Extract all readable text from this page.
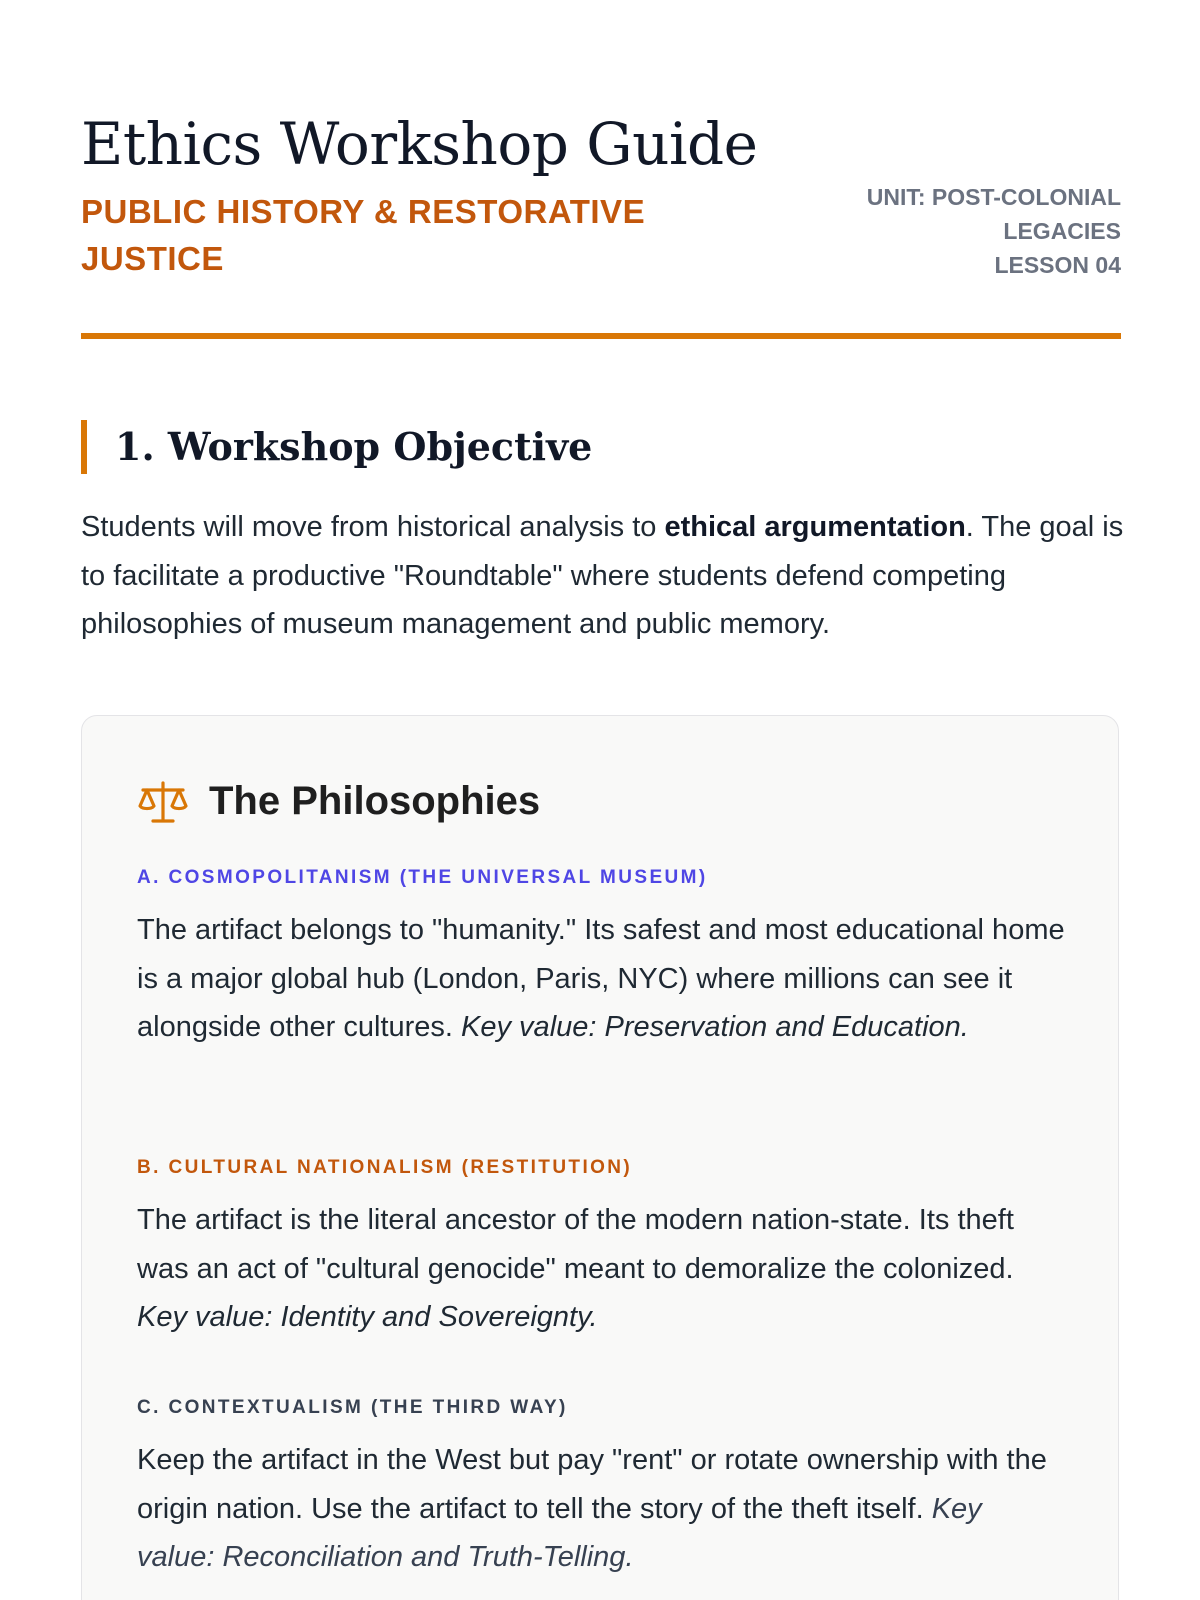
Ethics Workshop Guide
PUBLIC HISTORY & RESTORATIVE JUSTICE
UNIT: POST-COLONIAL LEGACIES
LESSON 04
1. Workshop Objective

Students will move from historical analysis to ethical argumentation. The goal is to facilitate a productive "Roundtable" where students defend competing philosophies of museum management and public memory.

The Philosophies

A. COSMOPOLITANISM (THE UNIVERSAL MUSEUM)

The artifact belongs to "humanity." Its safest and most educational home is a major global hub (London, Paris, NYC) where millions can see it alongside other cultures. Key value: Preservation and Education.

B. CULTURAL NATIONALISM (RESTITUTION)

The artifact is the literal ancestor of the modern nation-state. Its theft was an act of "cultural genocide" meant to demoralize the colonized. Key value: Identity and Sovereignty.

C. CONTEXTUALISM (THE THIRD WAY)

Keep the artifact in the West but pay "rent" or rotate ownership with the origin nation. Use the artifact to tell the story of the theft itself. Key value: Reconciliation and Truth-Telling.
